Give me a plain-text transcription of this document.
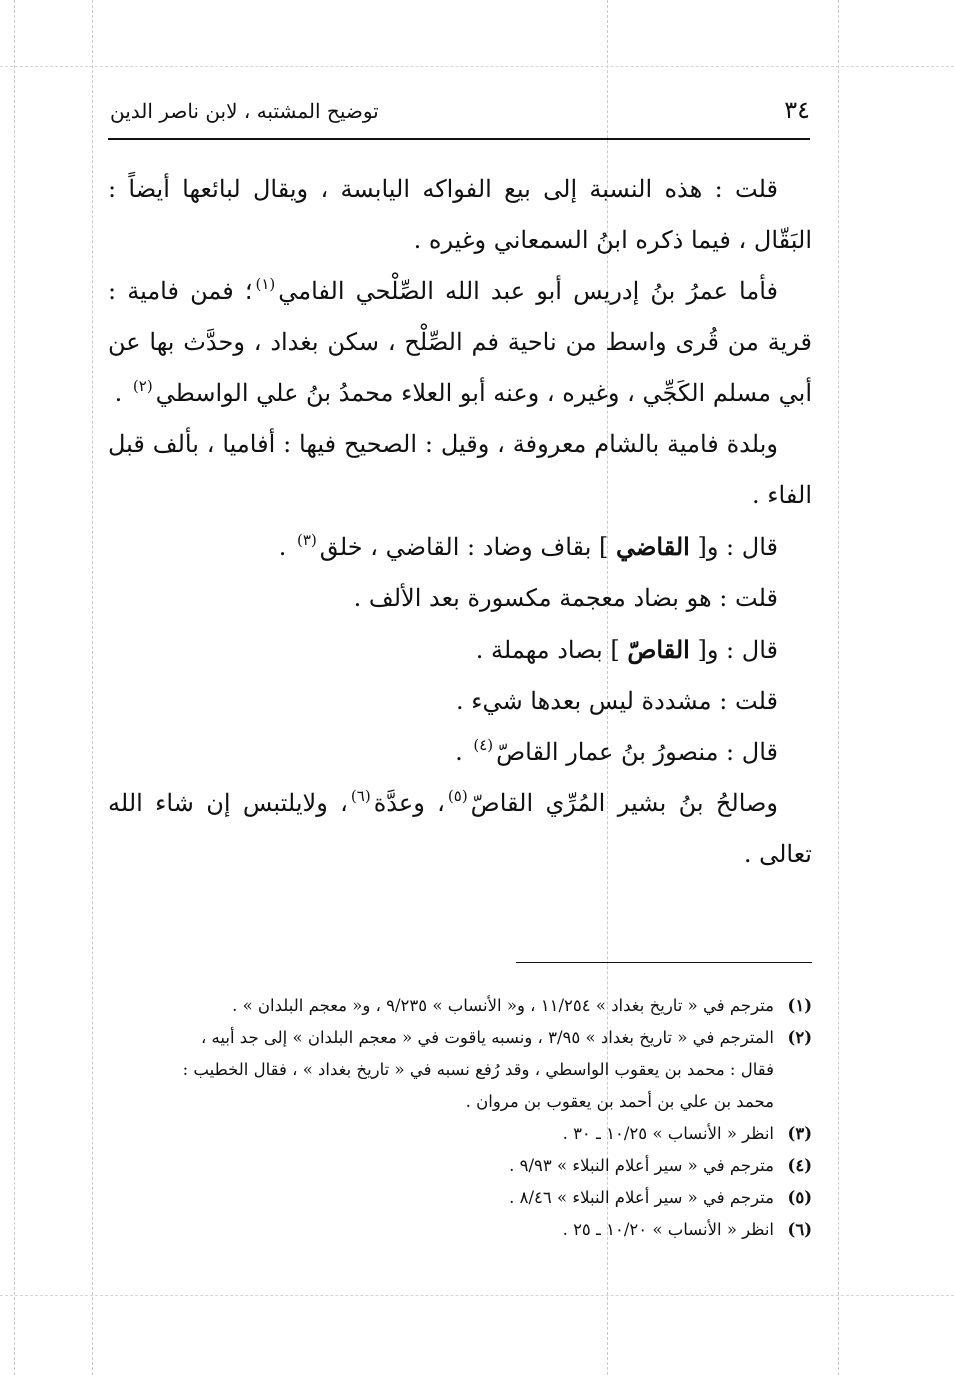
٣٤
توضيح المشتبه ، لابن ناصر الدين

قلت : هذه النسبة إلى بيع الفواكه اليابسة ، ويقال لبائعها أيضاً : البَقّال ، فيما ذكره ابنُ السمعاني وغيره .

فأما عمرُ بنُ إدريس أبو عبد الله الصِّلْحي الفامي$^{(١)}$؛ فمن فامية : قرية من قُرى واسط من ناحية فم الصِّلْح ، سكن بغداد ، وحدَّث بها عن أبي مسلم الكَجِّي ، وغيره ، وعنه أبو العلاء محمدُ بنُ علي الواسطي$^{(٢)}$ .

وبلدة فامية بالشام معروفة ، وقيل : الصحيح فيها : أفاميا ، بألف قبل الفاء .

قال : و[ القاضي ] بقاف وضاد : القاضي ، خلق$^{(٣)}$ .

قلت : هو بضاد معجمة مكسورة بعد الألف .

قال : و[ القاصّ ] بصاد مهملة .

قلت : مشددة ليس بعدها شيء .

قال : منصورُ بنُ عمار القاصّ$^{(٤)}$ .

وصالحُ بنُ بشير المُرِّي القاصّ$^{(٥)}$، وعدَّة$^{(٦)}$، ولايلتبس إن شاء الله تعالى .

(١)
مترجم في « تاريخ بغداد » ١١/٢٥٤ ، و« الأنساب » ٩/٢٣٥ ، و« معجم البلدان » .
(٢)
المترجم في « تاريخ بغداد » ٣/٩٥ ، ونسبه ياقوت في « معجم البلدان » إلى جد أبيه ،
فقال : محمد بن يعقوب الواسطي ، وقد رُفع نسبه في « تاريخ بغداد » ، فقال الخطيب :
محمد بن علي بن أحمد بن يعقوب بن مروان .
(٣)
انظر « الأنساب » ١٠/٢٥ ـ ٣٠ .
(٤)
مترجم في « سير أعلام النبلاء » ٩/٩٣ .
(٥)
مترجم في « سير أعلام النبلاء » ٨/٤٦ .
(٦)
انظر « الأنساب » ١٠/٢٠ ـ ٢٥ .
